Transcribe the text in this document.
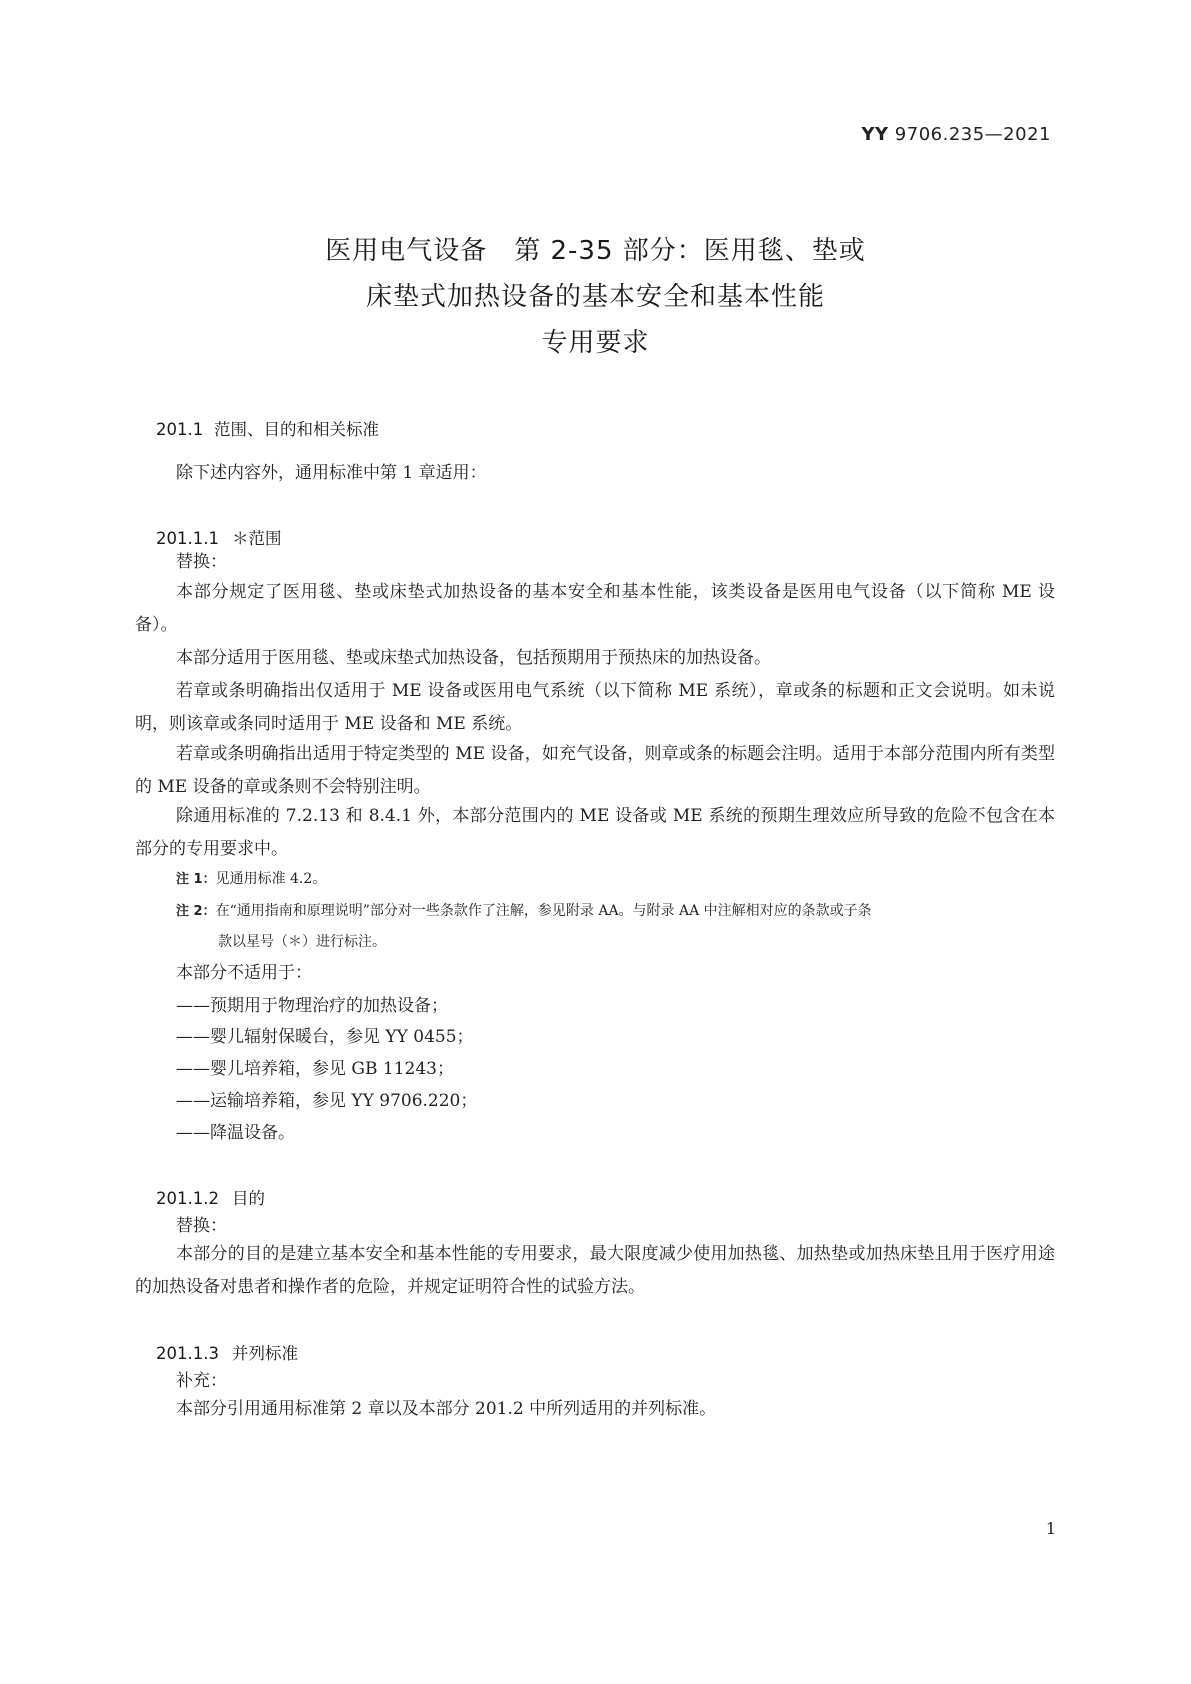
YY 9706.235—2021
医用电气设备　第 2-35 部分：医用毯、垫或
床垫式加热设备的基本安全和基本性能
专用要求

201.1 范围、目的和相关标准

除下述内容外，通用标准中第 1 章适用：

201.1.1 ＊范围

替换：
本部分规定了医用毯、垫或床垫式加热设备的基本安全和基本性能，该类设备是医用电气设备（以下简称 ME 设备）。
本部分适用于医用毯、垫或床垫式加热设备，包括预期用于预热床的加热设备。
若章或条明确指出仅适用于 ME 设备或医用电气系统（以下简称 ME 系统），章或条的标题和正文会说明。如未说明，则该章或条同时适用于 ME 设备和 ME 系统。
若章或条明确指出适用于特定类型的 ME 设备，如充气设备，则章或条的标题会注明。适用于本部分范围内所有类型的 ME 设备的章或条则不会特别注明。
除通用标准的 7.2.13 和 8.4.1 外，本部分范围内的 ME 设备或 ME 系统的预期生理效应所导致的危险不包含在本部分的专用要求中。
注 1：见通用标准 4.2。
注 2：在“通用指南和原理说明”部分对一些条款作了注解，参见附录 AA。与附录 AA 中注解相对应的条款或子条
款以星号（＊）进行标注。
本部分不适用于：
——预期用于物理治疗的加热设备；
——婴儿辐射保暖台，参见 YY 0455；
——婴儿培养箱，参见 GB 11243；
——运输培养箱，参见 YY 9706.220；
——降温设备。

201.1.2 目的

替换：
本部分的目的是建立基本安全和基本性能的专用要求，最大限度减少使用加热毯、加热垫或加热床垫且用于医疗用途的加热设备对患者和操作者的危险，并规定证明符合性的试验方法。

201.1.3 并列标准

补充：
本部分引用通用标准第 2 章以及本部分 201.2 中所列适用的并列标准。
1
